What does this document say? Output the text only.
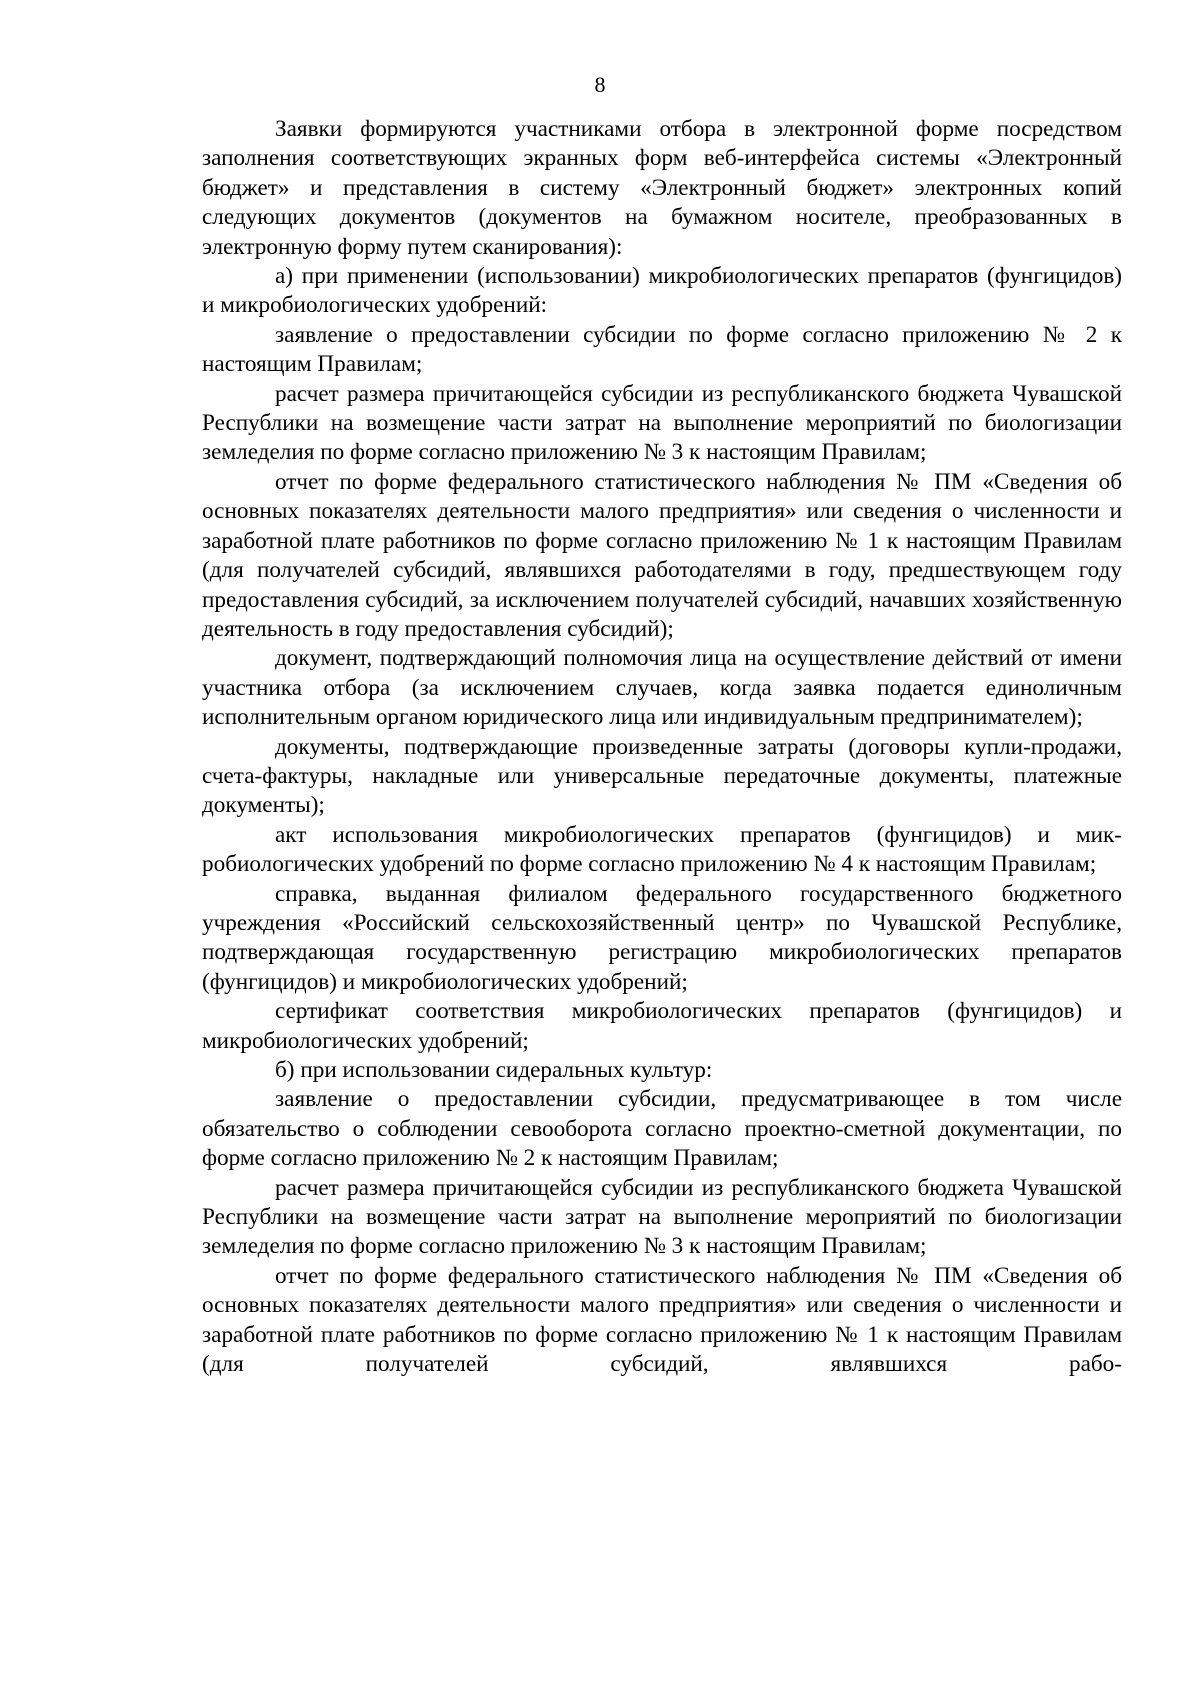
8

Заявки формируются участниками отбора в электронной форме посредством заполнения соответствующих экранных форм веб-интерфейса системы «Электронный бюджет» и представления в систему «Электронный бюджет» электронных копий следующих документов (документов на бумажном носителе, преобразованных в электронную форму путем сканирования):

а) при применении (использовании) микробиологических препаратов (фунгицидов) и микробиологических удобрений:

заявление о предоставлении субсидии по форме согласно приложению № 2 к настоящим Правилам;

расчет размера причитающейся субсидии из республиканского бюджета Чувашской Республики на возмещение части затрат на выполнение мероприятий по биологизации земледелия по форме согласно приложению № 3 к настоящим Правилам;

отчет по форме федерального статистического наблюдения № ПМ «Сведения об основных показателях деятельности малого предприятия» или сведения о численности и заработной плате работников по форме согласно приложению № 1 к настоящим Правилам (для получателей субсидий, являвшихся работодателями в году, предшествующем году предоставления субсидий, за исключением получателей субсидий, начавших хозяйственную деятельность в году предоставления субсидий);

документ, подтверждающий полномочия лица на осуществление действий от имени участника отбора (за исключением случаев, когда заявка подается единоличным исполнительным органом юридического лица или индивидуальным предпринимателем);

документы, подтверждающие произведенные затраты (договоры купли-продажи, счета-фактуры, накладные или универсальные передаточные документы, платежные документы);

акт использования микробиологических препаратов (фунгицидов) и микробиологических удобрений по форме согласно приложению № 4 к настоящим Правилам;

справка, выданная филиалом федерального государственного бюджетного учреждения «Российский сельскохозяйственный центр» по Чувашской Республике, подтверждающая государственную регистрацию микробиологических препаратов (фунгицидов) и микробиологических удобрений;

сертификат соответствия микробиологических препаратов (фунгицидов) и микробиологических удобрений;

б) при использовании сидеральных культур:

заявление о предоставлении субсидии, предусматривающее в том числе обязательство о соблюдении севооборота согласно проектно-сметной документации, по форме согласно приложению № 2 к настоящим Правилам;

расчет размера причитающейся субсидии из республиканского бюджета Чувашской Республики на возмещение части затрат на выполнение мероприятий по биологизации земледелия по форме согласно приложению № 3 к настоящим Правилам;

отчет по форме федерального статистического наблюдения № ПМ «Сведения об основных показателях деятельности малого предприятия» или сведения о численности и заработной плате работников по форме согласно приложению № 1 к настоящим Правилам (для получателей субсидий, являвшихся рабо-
